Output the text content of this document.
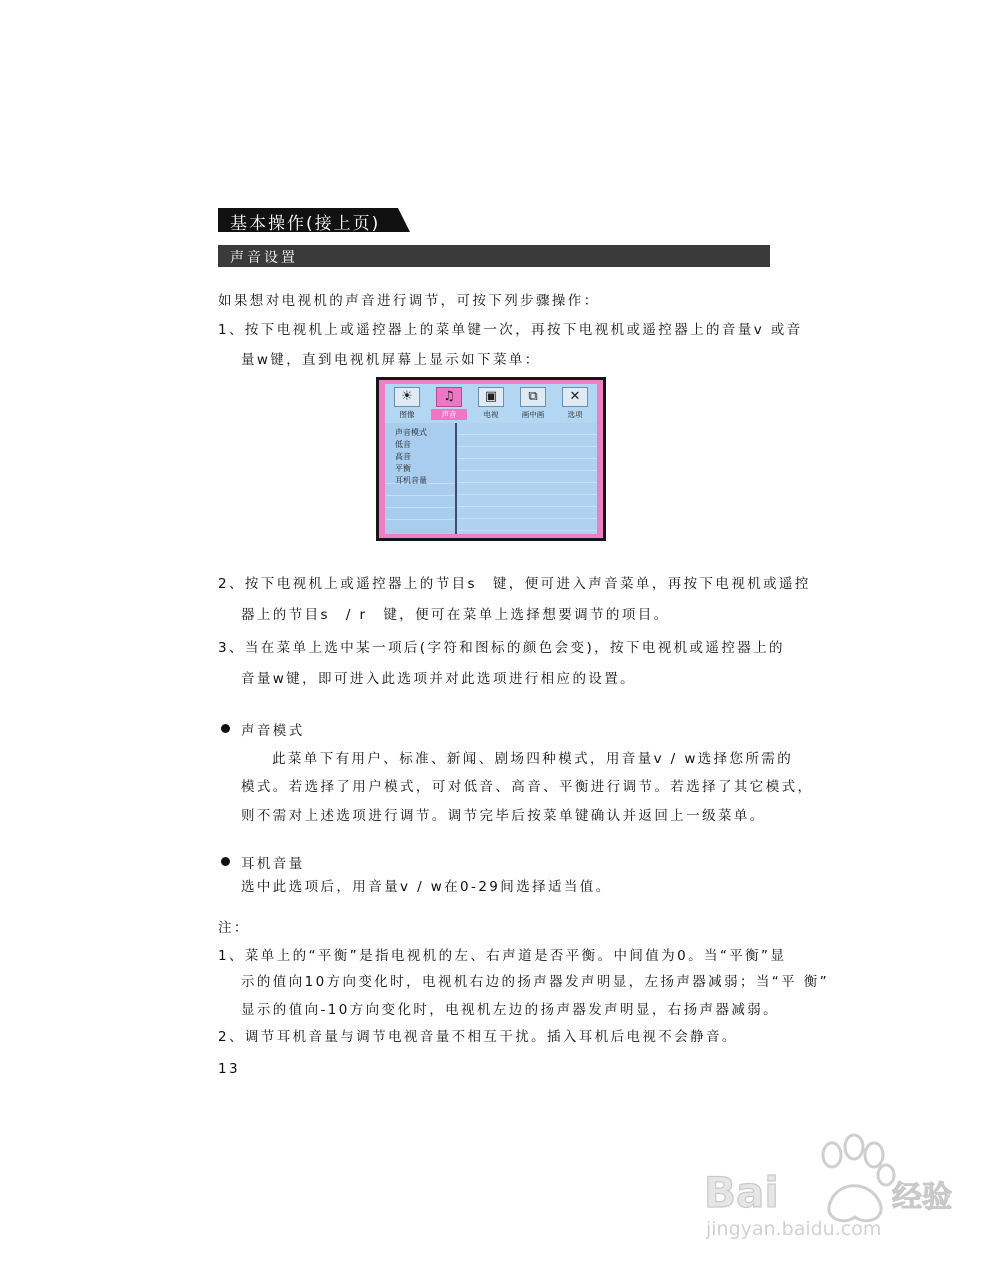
基本操作(接上页)
声音设置
如果想对电视机的声音进行调节，可按下列步骤操作：
1、按下电视机上或遥控器上的菜单键一次，再按下电视机或遥控器上的音量v 或音
量w键，直到电视机屏幕上显示如下菜单：
☀
图像
♫
声音
▣
电视
⧉
画中画
✕
选项
声音模式
低音
高音
平衡
耳机音量
2、按下电视机上或遥控器上的节目s　键，便可进入声音菜单，再按下电视机或遥控
器上的节目s　/ r　键，便可在菜单上选择想要调节的项目。
3、当在菜单上选中某一项后(字符和图标的颜色会变)，按下电视机或遥控器上的
音量w键，即可进入此选项并对此选项进行相应的设置。
声音模式
此菜单下有用户、标准、新闻、剧场四种模式，用音量v / w选择您所需的
模式。若选择了用户模式，可对低音、高音、平衡进行调节。若选择了其它模式，
则不需对上述选项进行调节。调节完毕后按菜单键确认并返回上一级菜单。
耳机音量
选中此选项后，用音量v / w在0-29间选择适当值。
注：
1、菜单上的“平衡”是指电视机的左、右声道是否平衡。中间值为0。当“平衡”显
示的值向10方向变化时，电视机右边的扬声器发声明显，左扬声器减弱；当“平 衡”
显示的值向-10方向变化时，电视机左边的扬声器发声明显，右扬声器减弱。
2、调节耳机音量与调节电视音量不相互干扰。插入耳机后电视不会静音。
13
Bai	du 经验
jingyan.baidu.com
